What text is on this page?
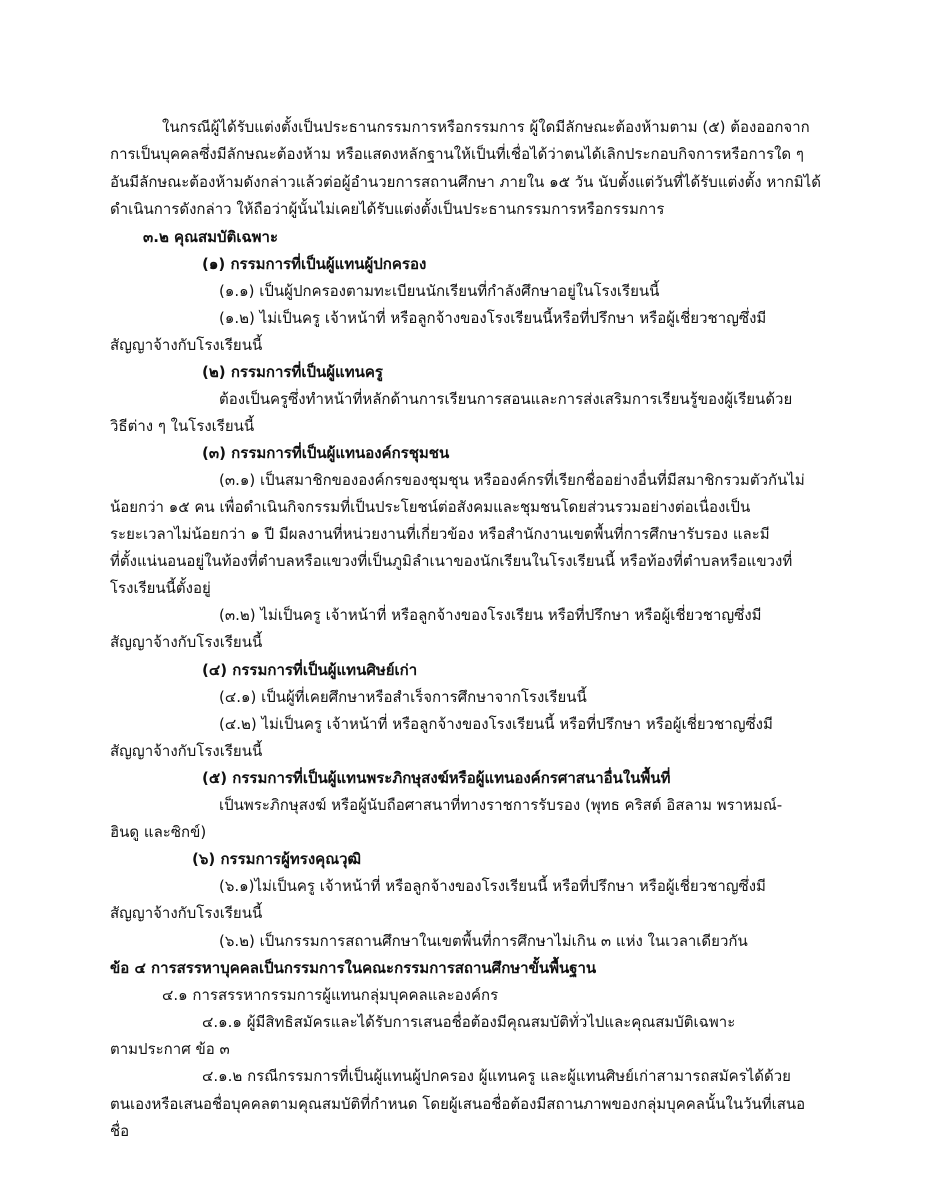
ในกรณีผู้ได้รับแต่งตั้งเป็นประธานกรรมการหรือกรรมการ ผู้ใดมีลักษณะต้องห้ามตาม (๕) ต้องออกจาก
การเป็นบุคคลซึ่งมีลักษณะต้องห้าม หรือแสดงหลักฐานให้เป็นที่เชื่อได้ว่าตนได้เลิกประกอบกิจการหรือการใด ๆ
อันมีลักษณะต้องห้ามดังกล่าวแล้วต่อผู้อำนวยการสถานศึกษา ภายใน ๑๕ วัน นับตั้งแต่วันที่ได้รับแต่งตั้ง หากมิได้
ดำเนินการดังกล่าว ให้ถือว่าผู้นั้นไม่เคยได้รับแต่งตั้งเป็นประธานกรรมการหรือกรรมการ
๓.๒ คุณสมบัติเฉพาะ
(๑) กรรมการที่เป็นผู้แทนผู้ปกครอง
(๑.๑) เป็นผู้ปกครองตามทะเบียนนักเรียนที่กำลังศึกษาอยู่ในโรงเรียนนี้
(๑.๒) ไม่เป็นครู เจ้าหน้าที่ หรือลูกจ้างของโรงเรียนนี้หรือที่ปรึกษา หรือผู้เชี่ยวชาญซึ่งมี
สัญญาจ้างกับโรงเรียนนี้
(๒) กรรมการที่เป็นผู้แทนครู
ต้องเป็นครูซึ่งทำหน้าที่หลักด้านการเรียนการสอนและการส่งเสริมการเรียนรู้ของผู้เรียนด้วย
วิธีต่าง ๆ ในโรงเรียนนี้
(๓) กรรมการที่เป็นผู้แทนองค์กรชุมชน
(๓.๑) เป็นสมาชิกขององค์กรของชุมชุน หรือองค์กรที่เรียกชื่ออย่างอื่นที่มีสมาชิกรวมตัวกันไม่
น้อยกว่า ๑๕ คน เพื่อดำเนินกิจกรรมที่เป็นประโยชน์ต่อสังคมและชุมชนโดยส่วนรวมอย่างต่อเนื่องเป็น
ระยะเวลาไม่น้อยกว่า ๑ ปี มีผลงานที่หน่วยงานที่เกี่ยวข้อง หรือสำนักงานเขตพื้นที่การศึกษารับรอง และมี
ที่ตั้งแน่นอนอยู่ในท้องที่ตำบลหรือแขวงที่เป็นภูมิลำเนาของนักเรียนในโรงเรียนนี้ หรือท้องที่ตำบลหรือแขวงที่
โรงเรียนนี้ตั้งอยู่
(๓.๒) ไม่เป็นครู เจ้าหน้าที่ หรือลูกจ้างของโรงเรียน หรือที่ปรึกษา หรือผู้เชี่ยวชาญซึ่งมี
สัญญาจ้างกับโรงเรียนนี้
(๔) กรรมการที่เป็นผู้แทนศิษย์เก่า
(๔.๑) เป็นผู้ที่เคยศึกษาหรือสำเร็จการศึกษาจากโรงเรียนนี้
(๔.๒) ไม่เป็นครู เจ้าหน้าที่ หรือลูกจ้างของโรงเรียนนี้ หรือที่ปรึกษา หรือผู้เชี่ยวชาญซึ่งมี
สัญญาจ้างกับโรงเรียนนี้
(๕) กรรมการที่เป็นผู้แทนพระภิกษุสงฆ์หรือผู้แทนองค์กรศาสนาอื่นในพื้นที่
เป็นพระภิกษุสงฆ์ หรือผู้นับถือศาสนาที่ทางราชการรับรอง (พุทธ คริสต์ อิสลาม พราหมณ์-
ฮินดู และซิกข์)
(๖) กรรมการผู้ทรงคุณวุฒิ
(๖.๑)ไม่เป็นครู เจ้าหน้าที่ หรือลูกจ้างของโรงเรียนนี้ หรือที่ปรึกษา หรือผู้เชี่ยวชาญซึ่งมี
สัญญาจ้างกับโรงเรียนนี้
(๖.๒) เป็นกรรมการสถานศึกษาในเขตพื้นที่การศึกษาไม่เกิน ๓ แห่ง ในเวลาเดียวกัน
ข้อ ๔ การสรรหาบุคคลเป็นกรรมการในคณะกรรมการสถานศึกษาขั้นพื้นฐาน
๔.๑ การสรรหากรรมการผู้แทนกลุ่มบุคคลและองค์กร
๔.๑.๑ ผู้มีสิทธิสมัครและได้รับการเสนอชื่อต้องมีคุณสมบัติทั่วไปและคุณสมบัติเฉพาะ
ตามประกาศ ข้อ ๓
๔.๑.๒ กรณีกรรมการที่เป็นผู้แทนผู้ปกครอง ผู้แทนครู และผู้แทนศิษย์เก่าสามารถสมัครได้ด้วย
ตนเองหรือเสนอชื่อบุคคลตามคุณสมบัติที่กำหนด โดยผู้เสนอชื่อต้องมีสถานภาพของกลุ่มบุคคลนั้นในวันที่เสนอ
ชื่อ
